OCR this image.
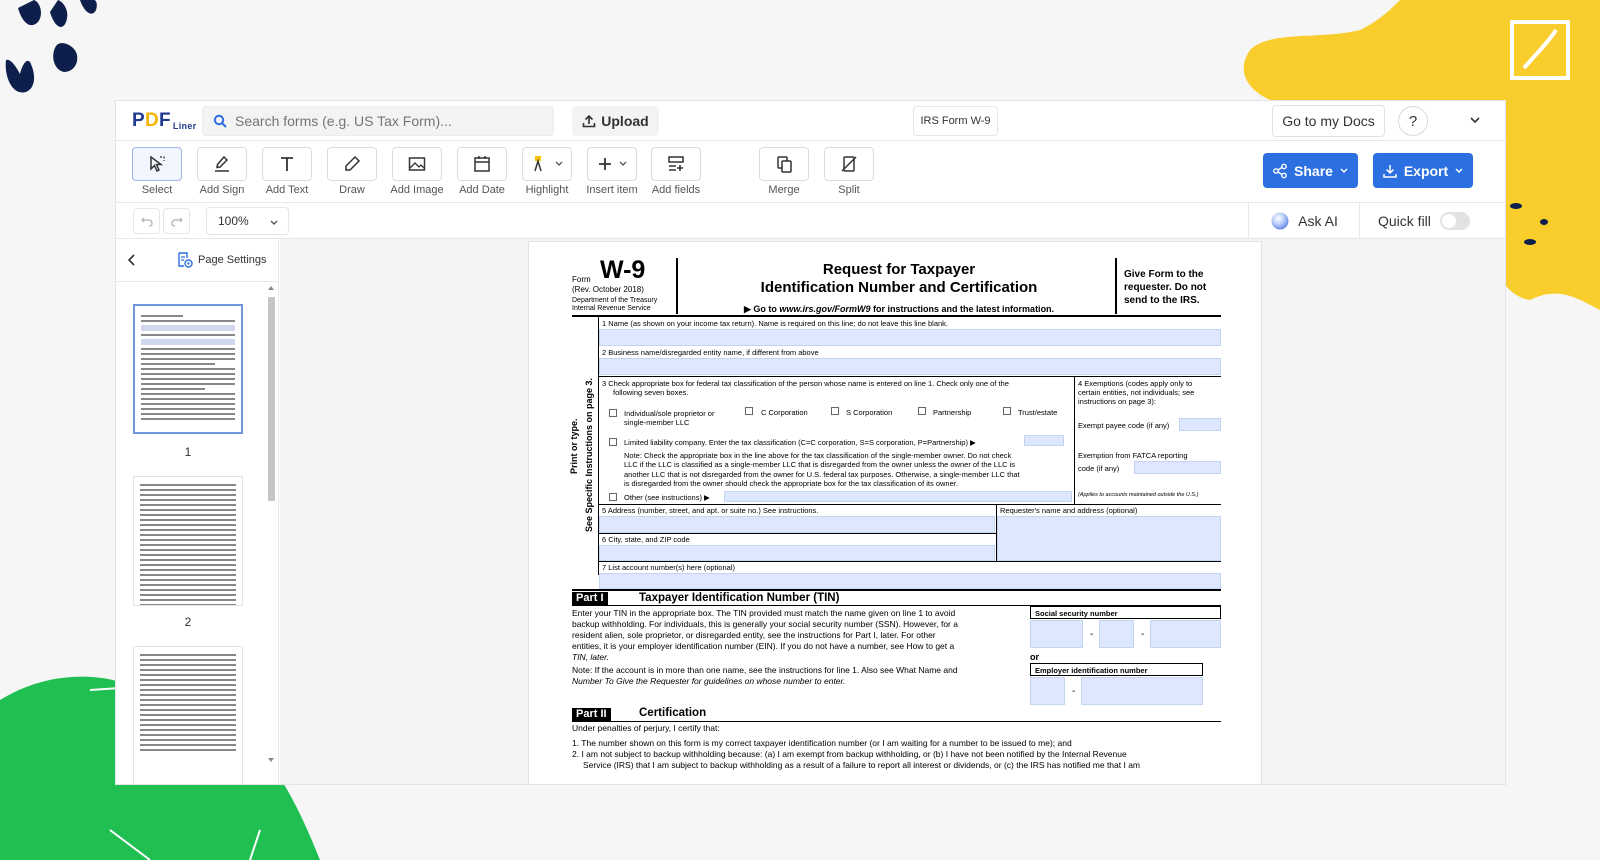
PDF $_{Liner}$
Search forms (e.g. US Tax Form)...	Upload	IRS Form W-9	Go to my Docs	?
Select	Add Sign	Add Text	Draw	Add Image	Add Date	Highlight	Insert item	Add fields	Merge	Split
Share	Export
100%	Ask AI	Quick fill
Page Settings
1
2
Form W-9
(Rev. October 2018)
Department of the Treasury
Internal Revenue Service
Request for Taxpayer
Identification Number and Certification
▶ Go to www.irs.gov/FormW9 for instructions and the latest information.
Give Form to the
requester. Do not
send to the IRS.
Print or type. See Specific Instructions on page 3.
1 Name (as shown on your income tax return). Name is required on this line; do not leave this line blank.
2 Business name/disregarded entity name, if different from above
3 Check appropriate box for federal tax classification of the person whose name is entered on line 1. Check only one of the
following seven boxes.
Individual/sole proprietor or
single-member LLC
C Corporation	S Corporation	Partnership	Trust/estate
Limited liability company. Enter the tax classification (C=C corporation, S=S corporation, P=Partnership) ▶
Note: Check the appropriate box in the line above for the tax classification of the single-member owner. Do not check
LLC if the LLC is classified as a single-member LLC that is disregarded from the owner unless the owner of the LLC is
another LLC that is not disregarded from the owner for U.S. federal tax purposes. Otherwise, a single-member LLC that
is disregarded from the owner should check the appropriate box for the tax classification of its owner.
Other (see instructions) ▶
4 Exemptions (codes apply only to
certain entities, not individuals; see
instructions on page 3):
Exempt payee code (if any)
Exemption from FATCA reporting
code (if any)
(Applies to accounts maintained outside the U.S.)
5 Address (number, street, and apt. or suite no.) See instructions.	Requester's name and address (optional)
6 City, state, and ZIP code
7 List account number(s) here (optional)
Part I	Taxpayer Identification Number (TIN)
Enter your TIN in the appropriate box. The TIN provided must match the name given on line 1 to avoid
backup withholding. For individuals, this is generally your social security number (SSN). However, for a
resident alien, sole proprietor, or disregarded entity, see the instructions for Part I, later. For other
entities, it is your employer identification number (EIN). If you do not have a number, see How to get a
TIN, later.
Note: If the account is in more than one name, see the instructions for line 1. Also see What Name and
Number To Give the Requester for guidelines on whose number to enter.
Social security number
-	-
or
Employer identification number
-
Part II	Certification
Under penalties of perjury, I certify that:
1. The number shown on this form is my correct taxpayer identification number (or I am waiting for a number to be issued to me); and
2. I am not subject to backup withholding because: (a) I am exempt from backup withholding, or (b) I have not been notified by the Internal Revenue
Service (IRS) that I am subject to backup withholding as a result of a failure to report all interest or dividends, or (c) the IRS has notified me that I am
